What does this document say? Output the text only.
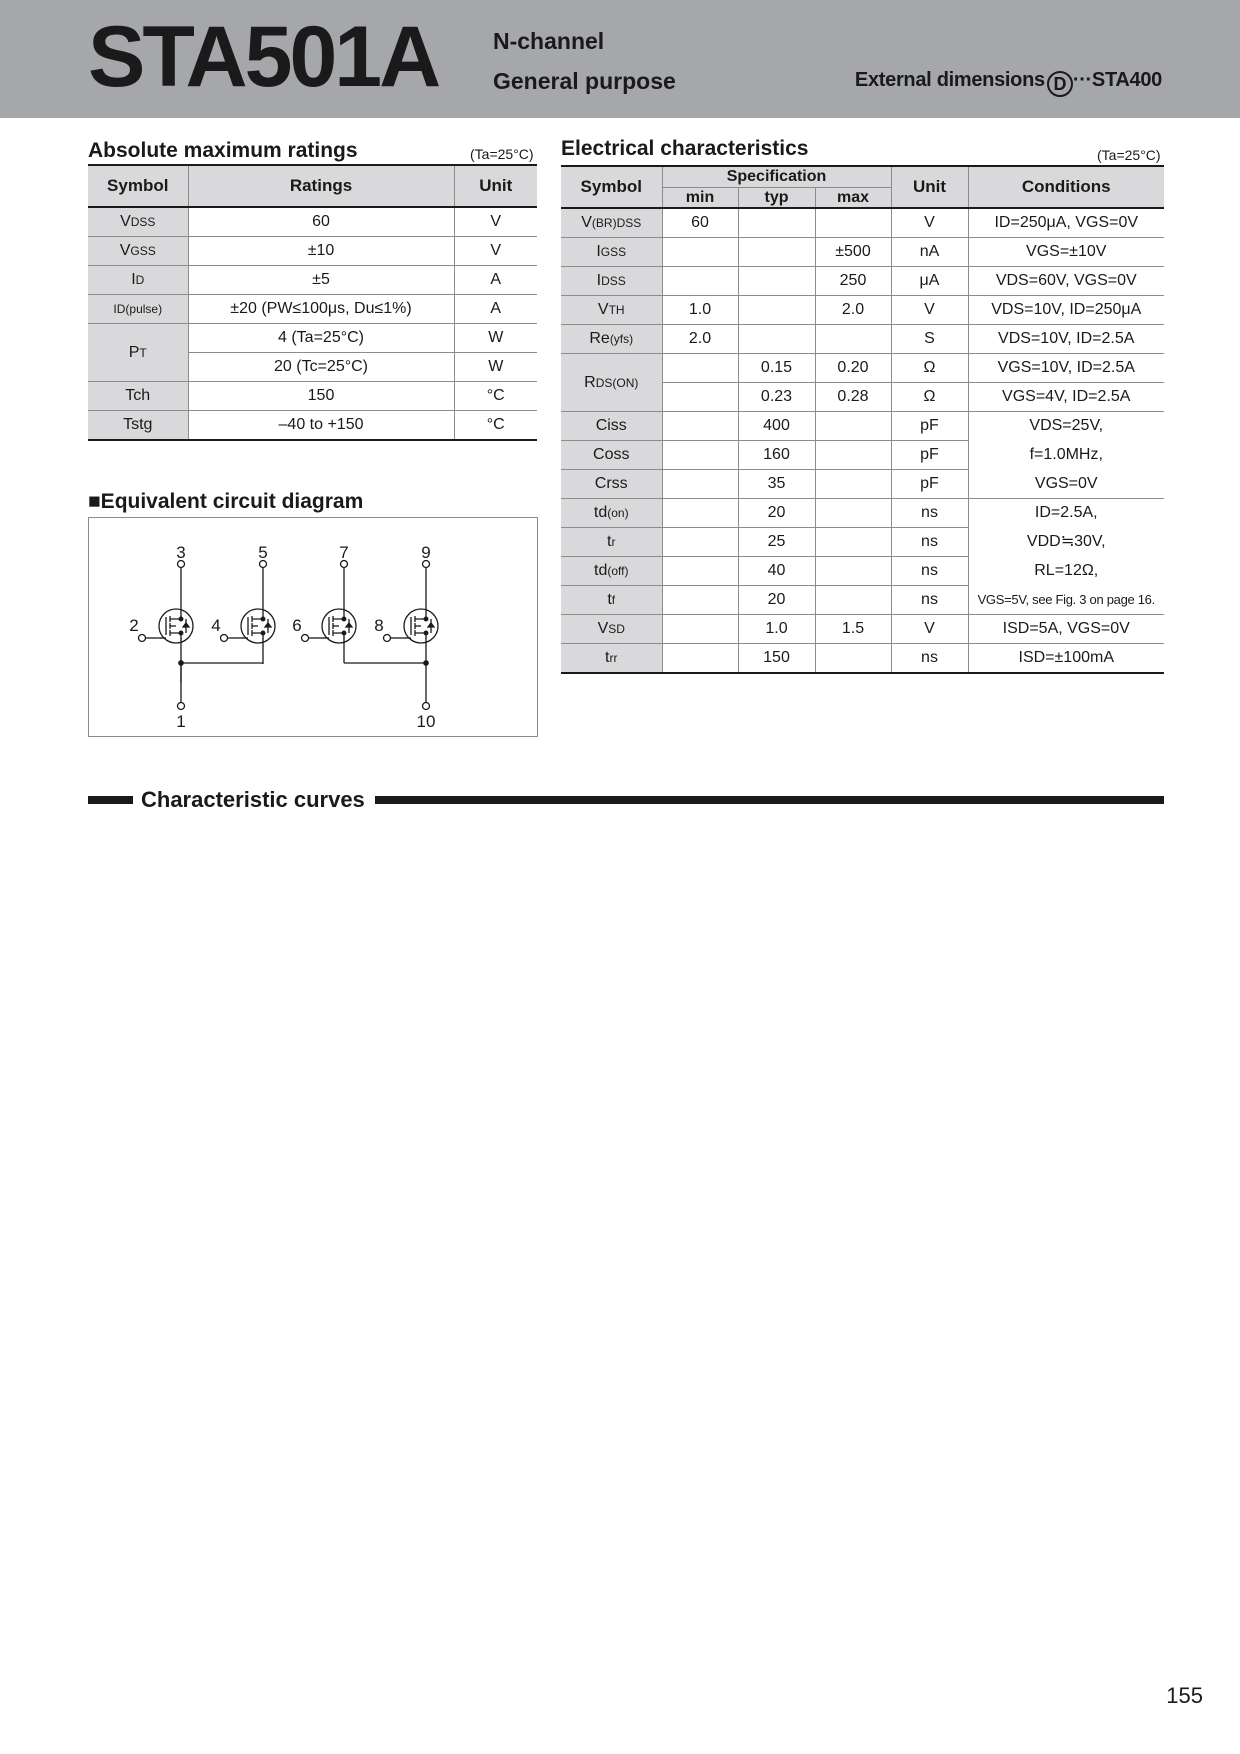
STA501A N-channel
General purpose	External dimensions D ···STA400
Absolute maximum ratings	(Ta=25°C)
Symbol	Ratings	Unit
VDSS	60	V
VGSS	±10	V
ID	±5	A
ID(pulse)	±20 (PW≤100μs, Du≤1%)	A
PT	4 (Ta=25°C)	W
	20 (Tc=25°C)	W
Tch	150	°C
Tstg	–40 to +150	°C
Electrical characteristics	(Ta=25°C)
Symbol	Specification			Unit	Conditions
	min	typ	max		
V(BR)DSS	60			V	ID=250μA, VGS=0V
IGSS			±500	nA	VGS=±10V
IDSS			250	μA	VDS=60V, VGS=0V
VTH	1.0		2.0	V	VDS=10V, ID=250μA
Re(yfs)	2.0			S	VDS=10V, ID=2.5A
RDS(ON)		0.15	0.20	Ω	VGS=10V, ID=2.5A
		0.23	0.28	Ω	VGS=4V, ID=2.5A
Ciss		400		pF	VDS=25V,
f=1.0MHz,
VGS=0V

Coss		160		pF	
Crss		35		pF	
td(on)		20		ns	ID=2.5A,
VDD≒30V,
RL=12Ω,
VGS=5V, see Fig. 3 on page 16.

tr		25		ns	
td(off)		40		ns	
tf		20		ns	
VSD		1.0	1.5	V	ISD=5A, VGS=0V
trr		150		ns	ISD=±100mA
■Equivalent circuit diagram
3	5	7	9
2	4	6	8
1	10
Characteristic curves
155
